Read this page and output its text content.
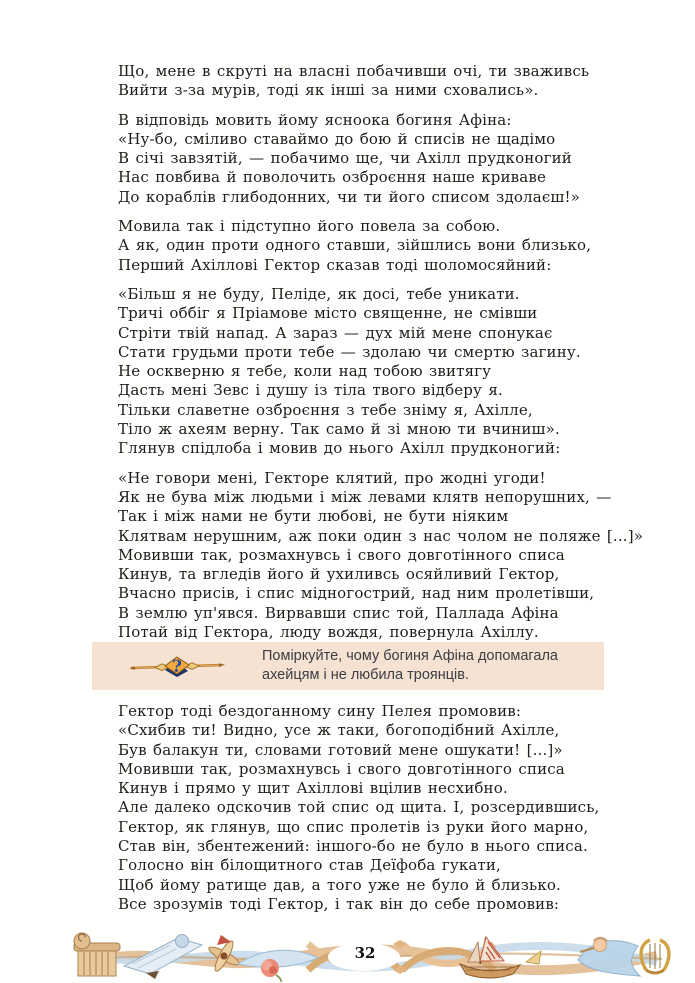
Що, мене в скруті на власні побачивши очі, ти зваживсь
Вийти з-за мурів, тоді як інші за ними сховались».
В відповідь мовить йому ясноока богиня Афіна:
«Ну-бо, сміливо ставаймо до бою й списів не щадімо
В січі завзятій, — побачимо ще, чи Ахілл прудконогий
Нас повбива й поволочить озброєння наше криваве
До кораблів глибодонних, чи ти його списом здолаєш!»
Мовила так і підступно його повела за собою.
А як, один проти одного ставши, зійшлись вони близько,
Перший Ахіллові Гектор сказав тоді шоломосяйний:
«Більш я не буду, Пеліде, як досі, тебе уникати.
Тричі оббіг я Пріамове місто священне, не смівши
Стріти твій напад. А зараз — дух мій мене спонукає
Стати грудьми проти тебе — здолаю чи смертю загину.
Не оскверню я тебе, коли над тобою звитягу
Дасть мені Зевс і душу із тіла твого відберу я.
Тільки славетне озброєння з тебе зніму я, Ахілле,
Тіло ж ахеям верну. Так само й зі мною ти вчиниш».
Глянув спідлоба і мовив до нього Ахілл прудконогий:
«Не говори мені, Гекторе клятий, про жодні угоди!
Як не бува між людьми і між левами клятв непорушних, —
Так і між нами не бути любові, не бути ніяким
Клятвам нерушним, аж поки один з нас чолом не поляже [...]»
Мовивши так, розмахнувсь і свого довготінного списа
Кинув, та вгледів його й ухиливсь осяйливий Гектор,
Вчасно присів, і спис мідногострий, над ним пролетівши,
В землю уп'явся. Вирвавши спис той, Паллада Афіна
Потай від Гектора, люду вождя, повернула Ахіллу.
?
Поміркуйте, чому богиня Афіна допомагала ахейцям і не любила троянців.
Гектор тоді бездоганному сину Пелея промовив:
«Схибив ти! Видно, усе ж таки, богоподібний Ахілле,
Був балакун ти, словами готовий мене ошукати! [...]»
Мовивши так, розмахнувсь і свого довготінного списа
Кинув і прямо у щит Ахіллові вцілив несхибно.
Але далеко одскочив той спис од щита. І, розсердившись,
Гектор, як глянув, що спис пролетів із руки його марно,
Став він, збентежений: іншого-бо не було в нього списа.
Голосно він білощитного став Деїфоба гукати,
Щоб йому ратище дав, а того уже не було й близько.
Все зрозумів тоді Гектор, і так він до себе промовив:
32
